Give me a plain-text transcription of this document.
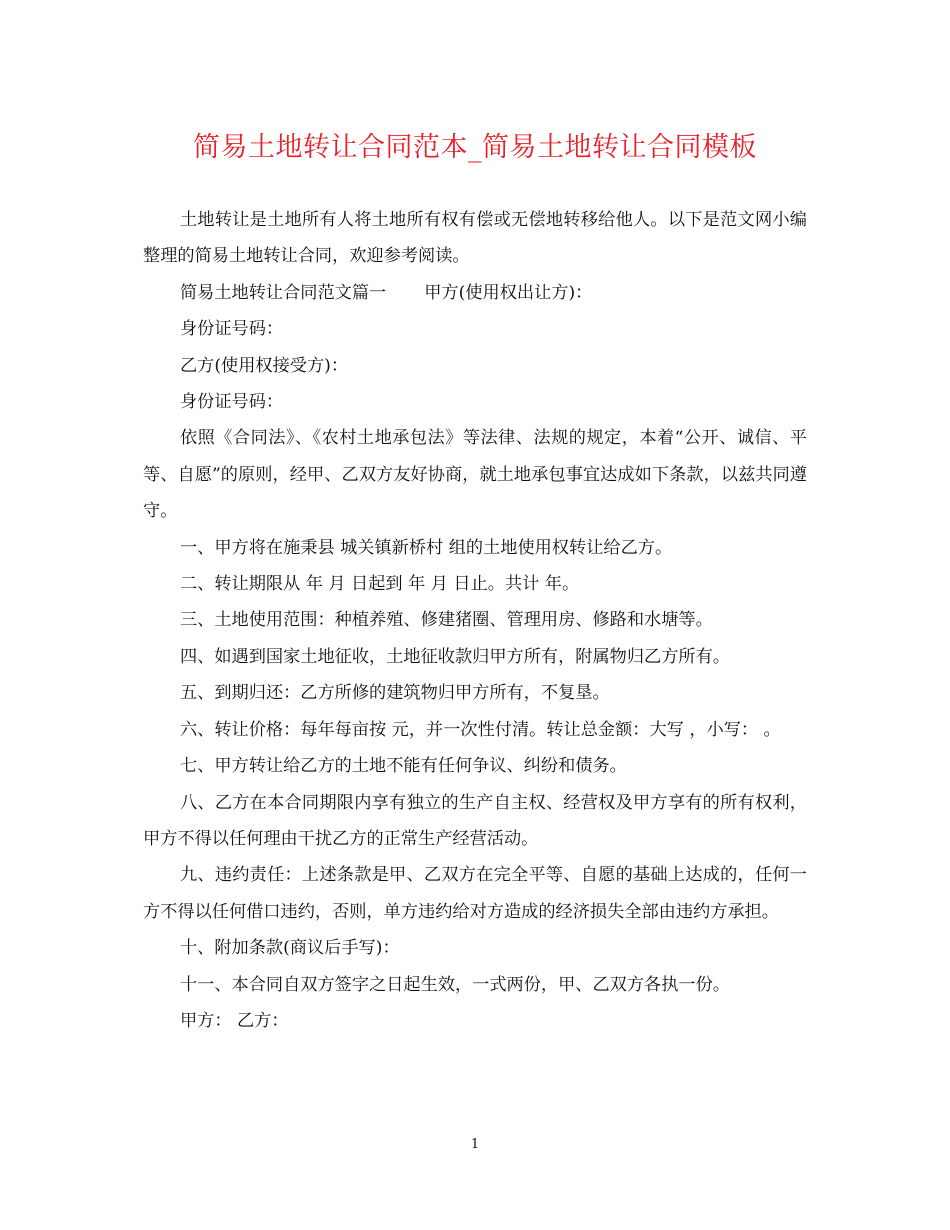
简易土地转让合同范本_简易土地转让合同模板

土地转让是土地所有人将土地所有权有偿或无偿地转移给他人。以下是范文网小编整理的简易土地转让合同，欢迎参考阅读。

简易土地转让合同范文篇一 甲方(使用权出让方)：

身份证号码：

乙方(使用权接受方)：

身份证号码：

依照《合同法》、《农村土地承包法》等法律、法规的规定，本着“公开、诚信、平等、自愿”的原则，经甲、乙双方友好协商，就土地承包事宜达成如下条款，以兹共同遵守。

一、甲方将在施秉县 城关镇新桥村 组的土地使用权转让给乙方。

二、转让期限从 年 月 日起到 年 月 日止。共计 年。

三、土地使用范围：种植养殖、修建猪圈、管理用房、修路和水塘等。

四、如遇到国家土地征收，土地征收款归甲方所有，附属物归乙方所有。

五、到期归还：乙方所修的建筑物归甲方所有，不复垦。

六、转让价格：每年每亩按 元，并一次性付清。转让总金额：大写 ，小写： 。

七、甲方转让给乙方的土地不能有任何争议、纠纷和债务。

八、乙方在本合同期限内享有独立的生产自主权、经营权及甲方享有的所有权利，甲方不得以任何理由干扰乙方的正常生产经营活动。

九、违约责任：上述条款是甲、乙双方在完全平等、自愿的基础上达成的，任何一方不得以任何借口违约，否则，单方违约给对方造成的经济损失全部由违约方承担。

十、附加条款(商议后手写)：

十一、本合同自双方签字之日起生效，一式两份，甲、乙双方各执一份。

甲方： 乙方：

1
